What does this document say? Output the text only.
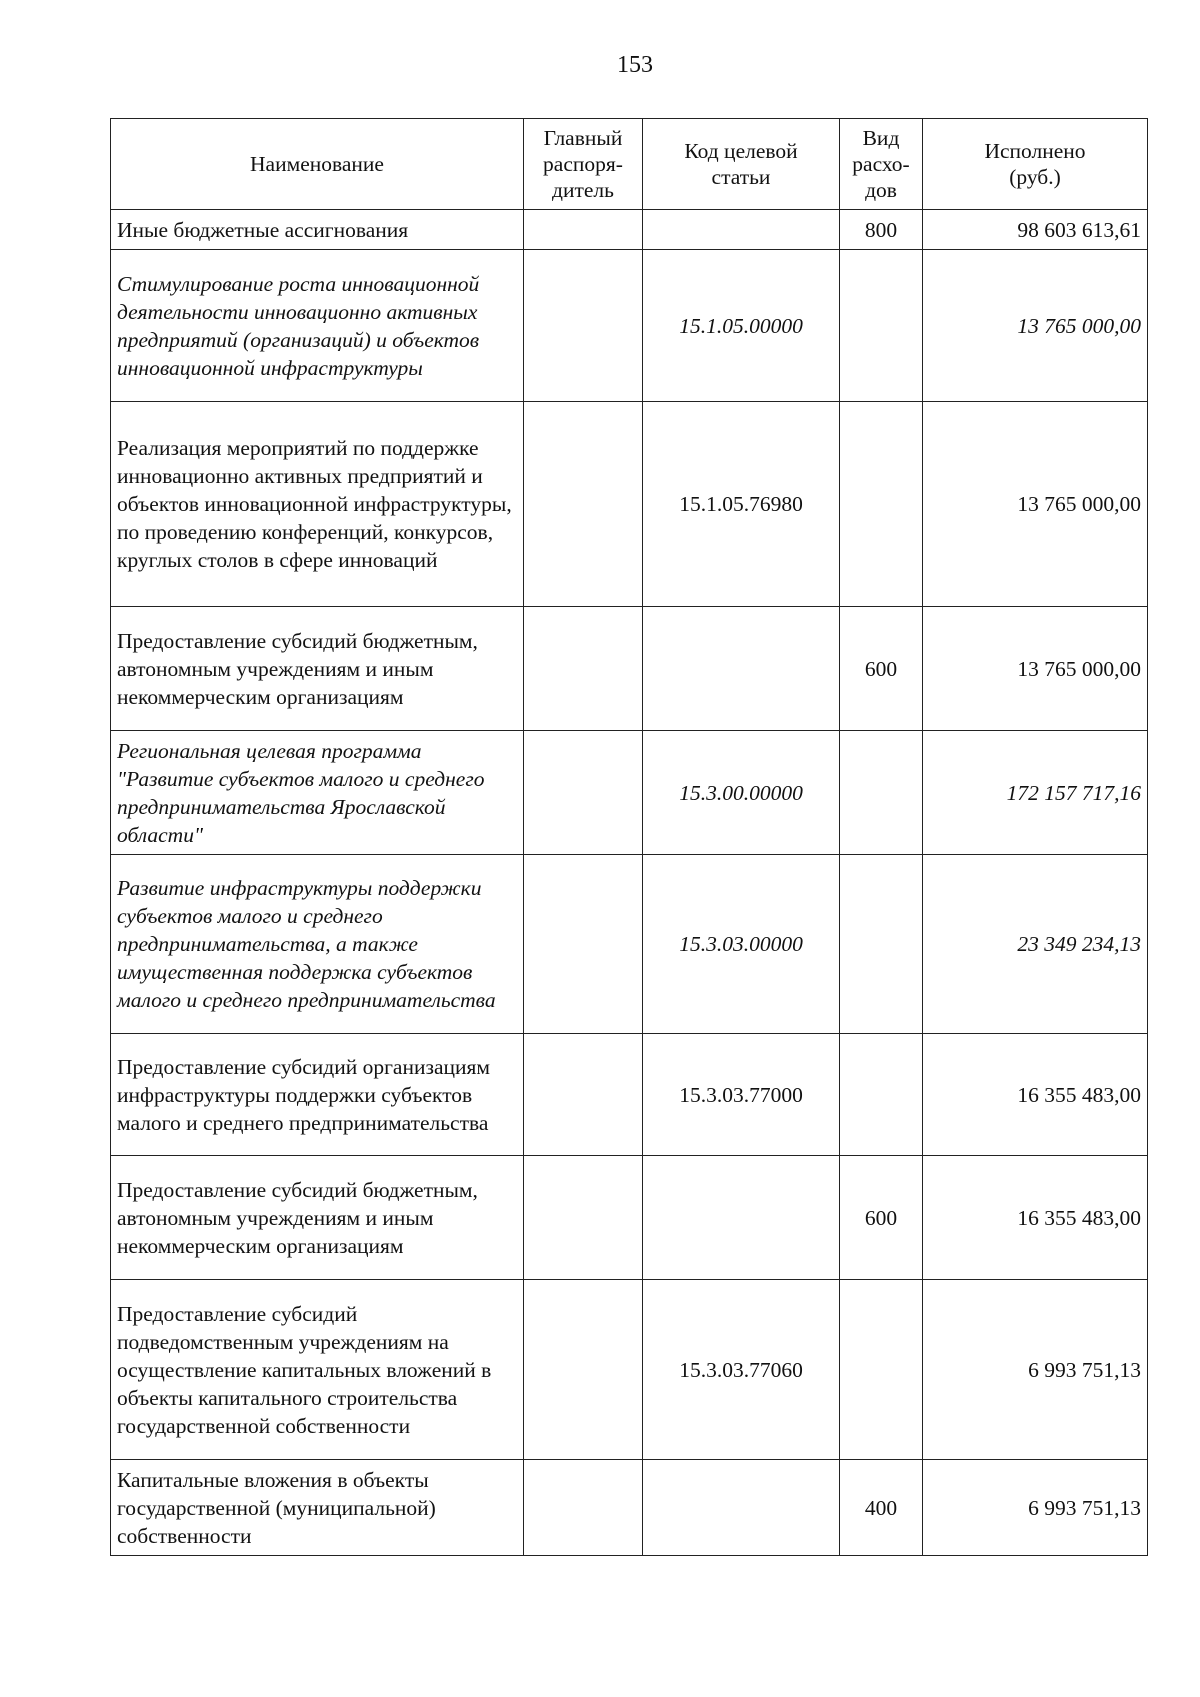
153
Наименование	Главный распоря-дитель	Код целевой статьи	Вид расхо-дов	Исполнено (руб.)
Иные бюджетные ассигнования			800	98 603 613,61
Стимулирование роста инновационной деятельности инновационно активных предприятий (организаций) и объектов инновационной инфраструктуры		15.1.05.00000		13 765 000,00
Реализация мероприятий по поддержке инновационно активных предприятий и объектов инновационной инфраструктуры, по проведению конференций, конкурсов, круглых столов в сфере инноваций		15.1.05.76980		13 765 000,00
Предоставление субсидий бюджетным, автономным учреждениям и иным некоммерческим организациям			600	13 765 000,00
Региональная целевая программа "Развитие субъектов малого и среднего предпринимательства Ярославской области"		15.3.00.00000		172 157 717,16
Развитие инфраструктуры поддержки субъектов малого и среднего предпринимательства, а также имущественная поддержка субъектов малого и среднего предпринимательства		15.3.03.00000		23 349 234,13
Предоставление субсидий организациям инфраструктуры поддержки субъектов малого и среднего предпринимательства		15.3.03.77000		16 355 483,00
Предоставление субсидий бюджетным, автономным учреждениям и иным некоммерческим организациям			600	16 355 483,00
Предоставление субсидий подведомственным учреждениям на осуществление капитальных вложений в объекты капитального строительства государственной собственности		15.3.03.77060		6 993 751,13
Капитальные вложения в объекты государственной (муниципальной) собственности			400	6 993 751,13
